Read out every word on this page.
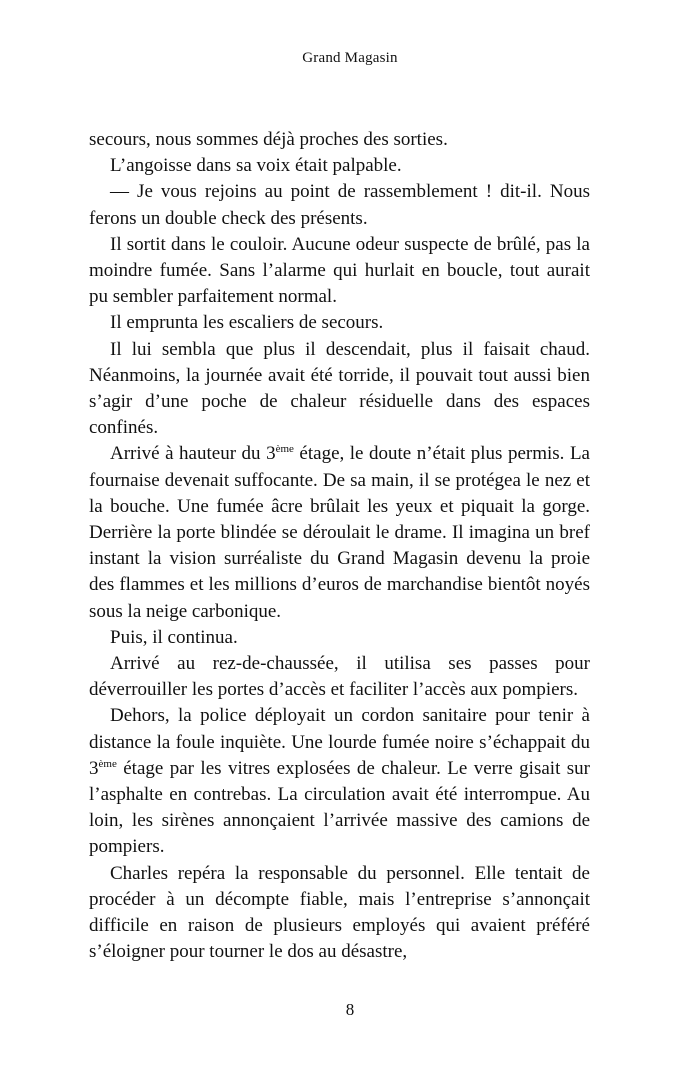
Grand Magasin

secours, nous sommes déjà proches des sorties.

L’angoisse dans sa voix était palpable.

— Je vous rejoins au point de rassemblement ! dit-il. Nous ferons un double check des présents.

Il sortit dans le couloir. Aucune odeur suspecte de brûlé, pas la moindre fumée. Sans l’alarme qui hurlait en boucle, tout aurait pu sembler parfaitement normal.

Il emprunta les escaliers de secours.

Il lui sembla que plus il descendait, plus il faisait chaud. Néanmoins, la journée avait été torride, il pouvait tout aussi bien s’agir d’une poche de chaleur résiduelle dans des espaces confinés.

Arrivé à hauteur du 3ème étage, le doute n’était plus permis. La fournaise devenait suffocante. De sa main, il se protégea le nez et la bouche. Une fumée âcre brûlait les yeux et piquait la gorge. Derrière la porte blindée se déroulait le drame. Il imagina un bref instant la vision surréaliste du Grand Magasin devenu la proie des flammes et les millions d’euros de marchandise bientôt noyés sous la neige carbonique.

Puis, il continua.

Arrivé au rez-de-chaussée, il utilisa ses passes pour déverrouiller les portes d’accès et faciliter l’accès aux pompiers.

Dehors, la police déployait un cordon sanitaire pour tenir à distance la foule inquiète. Une lourde fumée noire s’échappait du 3ème étage par les vitres explosées de chaleur. Le verre gisait sur l’asphalte en contrebas. La circulation avait été interrompue. Au loin, les sirènes annonçaient l’arrivée massive des camions de pompiers.

Charles repéra la responsable du personnel. Elle tentait de procéder à un décompte fiable, mais l’entreprise s’annonçait difficile en raison de plusieurs employés qui avaient préféré s’éloigner pour tourner le dos au désastre,

8
